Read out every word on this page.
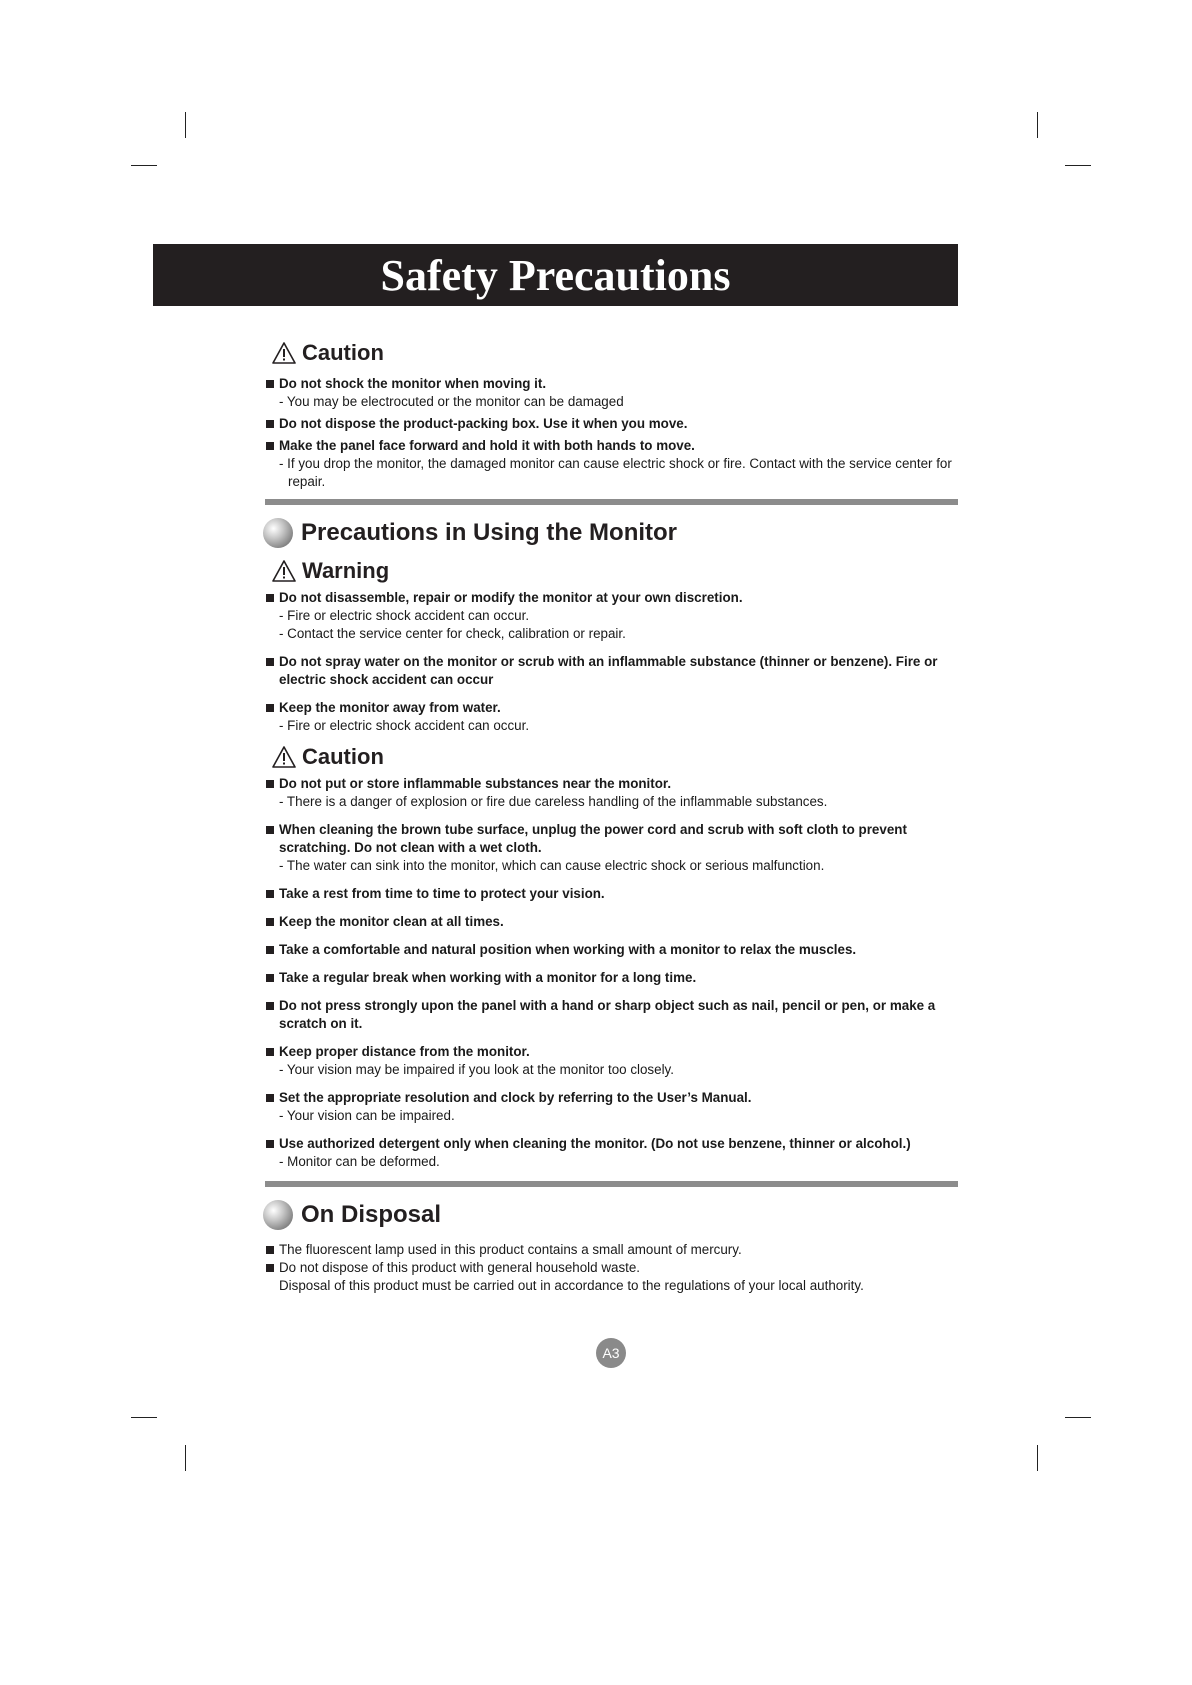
Safety Precautions
Caution
Do not shock the monitor when moving it.
- You may be electrocuted or the monitor can be damaged
Do not dispose the product-packing box. Use it when you move.
Make the panel face forward and hold it with both hands to move.
- If you drop the monitor, the damaged monitor can cause electric shock or fire. Contact with the service center for
repair.
Precautions in Using the Monitor
Warning
Do not disassemble, repair or modify the monitor at your own discretion.
- Fire or electric shock accident can occur.
- Contact the service center for check, calibration or repair.
Do not spray water on the monitor or scrub with an inflammable substance (thinner or benzene). Fire or electric shock accident can occur
Keep the monitor away from water.
- Fire or electric shock accident can occur.
Caution
Do not put or store inflammable substances near the monitor.
- There is a danger of explosion or fire due careless handling of the inflammable substances.
When cleaning the brown tube surface, unplug the power cord and scrub with soft cloth to prevent scratching. Do not clean with a wet cloth.
- The water can sink into the monitor, which can cause electric shock or serious malfunction.
Take a rest from time to time to protect your vision.
Keep the monitor clean at all times.
Take a comfortable and natural position when working with a monitor to relax the muscles.
Take a regular break when working with a monitor for a long time.
Do not press strongly upon the panel with a hand or sharp object such as nail, pencil or pen, or make a scratch on it.
Keep proper distance from the monitor.
- Your vision may be impaired if you look at the monitor too closely.
Set the appropriate resolution and clock by referring to the User’s Manual.
- Your vision can be impaired.
Use authorized detergent only when cleaning the monitor. (Do not use benzene, thinner or alcohol.)
- Monitor can be deformed.
On Disposal
The fluorescent lamp used in this product contains a small amount of mercury.
Do not dispose of this product with general household waste.
Disposal of this product must be carried out in accordance to the regulations of your local authority.
A3
